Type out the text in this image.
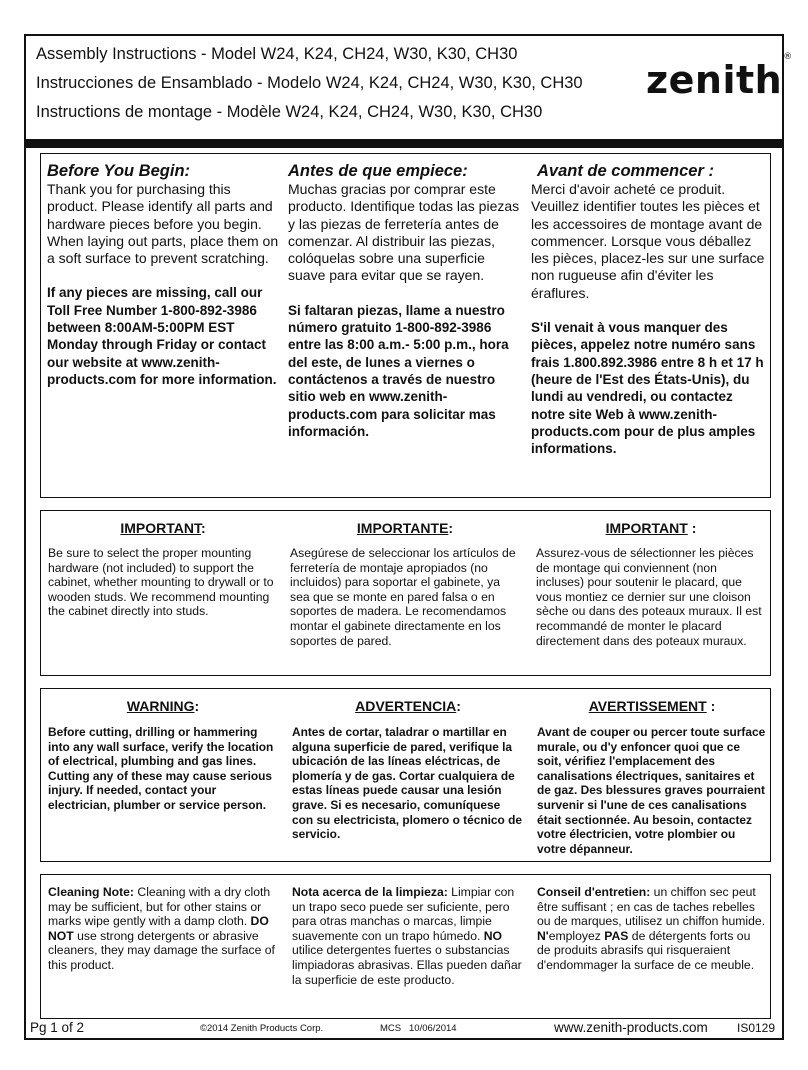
Assembly Instructions - Model W24, K24, CH24, W30, K30, CH30
Instrucciones de Ensamblado - Modelo W24, K24, CH24, W30, K30, CH30
Instructions de montage - Modèle W24, K24, CH24, W30, K30, CH30
zenith®
Before You Begin:
Thank you for purchasing this product. Please identify all parts and hardware pieces before you begin. When laying out parts, place them on a soft surface to prevent scratching.
If any pieces are missing, call our Toll Free Number 1-800-892-3986 between 8:00AM-5:00PM EST Monday through Friday or contact our website at www.zenith-products.com for more information.
Antes de que empiece:
Muchas gracias por comprar este producto. Identifique todas las piezas y las piezas de ferretería antes de comenzar. Al distribuir las piezas, colóquelas sobre una superficie suave para evitar que se rayen.
Si faltaran piezas, llame a nuestro número gratuito 1-800-892-3986 entre las 8:00 a.m.- 5:00 p.m., hora del este, de lunes a viernes o contáctenos a través de nuestro sitio web en www.zenith-products.com para solicitar mas información.
Avant de commencer :
Merci d'avoir acheté ce produit. Veuillez identifier toutes les pièces et les accessoires de montage avant de commencer. Lorsque vous déballez les pièces, placez-les sur une surface non rugueuse afin d'éviter les éraflures.
S'il venait à vous manquer des pièces, appelez notre numéro sans frais 1.800.892.3986 entre 8 h et 17 h (heure de l'Est des États-Unis), du lundi au vendredi, ou contactez notre site Web à www.zenith-products.com pour de plus amples informations.
IMPORTANT:
Be sure to select the proper mounting hardware (not included) to support the cabinet, whether mounting to drywall or to wooden studs. We recommend mounting the cabinet directly into studs.
IMPORTANTE:
Asegúrese de seleccionar los artículos de ferretería de montaje apropiados (no incluidos) para soportar el gabinete, ya sea que se monte en pared falsa o en soportes de madera. Le recomendamos montar el gabinete directamente en los soportes de pared.
IMPORTANT :
Assurez-vous de sélectionner les pièces de montage qui conviennent (non incluses) pour soutenir le placard, que vous montiez ce dernier sur une cloison sèche ou dans des poteaux muraux. Il est recommandé de monter le placard directement dans des poteaux muraux.
WARNING:
Before cutting, drilling or hammering into any wall surface, verify the location of electrical, plumbing and gas lines. Cutting any of these may cause serious injury. If needed, contact your electrician, plumber or service person.
ADVERTENCIA:
Antes de cortar, taladrar o martillar en alguna superficie de pared, verifique la ubicación de las líneas eléctricas, de plomería y de gas. Cortar cualquiera de estas líneas puede causar una lesión grave. Si es necesario, comuníquese con su electricista, plomero o técnico de servicio.
AVERTISSEMENT :
Avant de couper ou percer toute surface murale, ou d'y enfoncer quoi que ce soit, vérifiez l'emplacement des canalisations électriques, sanitaires et de gaz. Des blessures graves pourraient survenir si l'une de ces canalisations était sectionnée. Au besoin, contactez votre électricien, votre plombier ou votre dépanneur.
Cleaning Note: Cleaning with a dry cloth may be sufficient, but for other stains or marks wipe gently with a damp cloth. DO NOT use strong detergents or abrasive cleaners, they may damage the surface of this product.
Nota acerca de la limpieza: Limpiar con un trapo seco puede ser suficiente, pero para otras manchas o marcas, limpie suavemente con un trapo húmedo. NO utilice detergentes fuertes o substancias limpiadoras abrasivas. Ellas pueden dañar la superficie de este producto.
Conseil d'entretien: un chiffon sec peut être suffisant ; en cas de taches rebelles ou de marques, utilisez un chiffon humide. N'employez PAS de détergents forts ou de produits abrasifs qui risqueraient d'endommager la surface de ce meuble.
Pg 1 of 2	©2014 Zenith Products Corp.	MCS   10/06/2014	www.zenith-products.com IS0129
